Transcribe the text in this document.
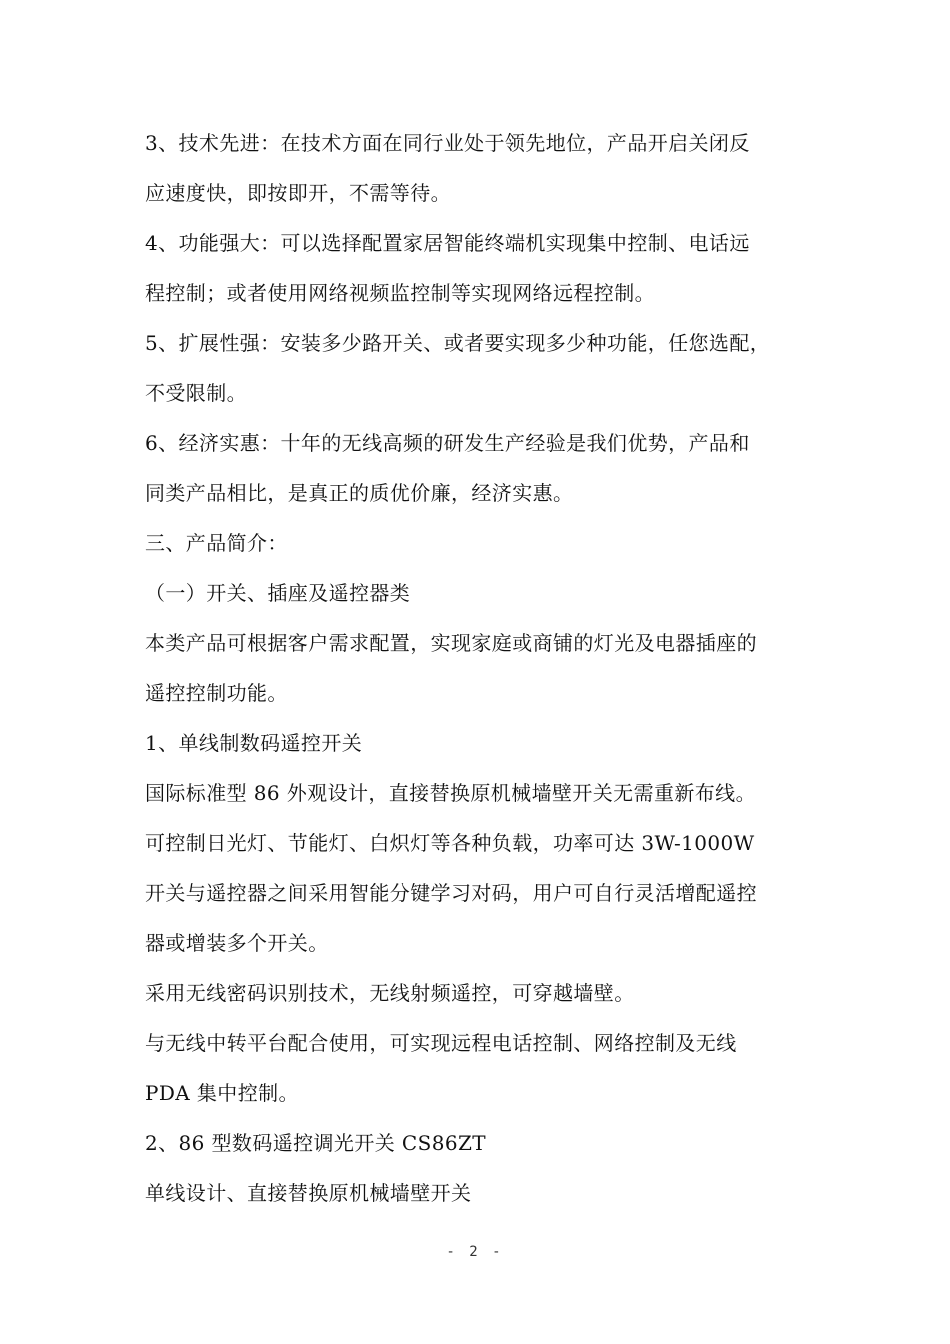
3、技术先进：在技术方面在同行业处于领先地位，产品开启关闭反

应速度快，即按即开，不需等待。

4、功能强大：可以选择配置家居智能终端机实现集中控制、电话远

程控制；或者使用网络视频监控制等实现网络远程控制。

5、扩展性强：安装多少路开关、或者要实现多少种功能，任您选配，

不受限制。

6、经济实惠：十年的无线高频的研发生产经验是我们优势，产品和

同类产品相比，是真正的质优价廉，经济实惠。

三、产品简介：

（一）开关、插座及遥控器类

本类产品可根据客户需求配置，实现家庭或商铺的灯光及电器插座的

遥控控制功能。

1、单线制数码遥控开关

国际标准型 86 外观设计，直接替换原机械墙壁开关无需重新布线。

可控制日光灯、节能灯、白炽灯等各种负载，功率可达 3W-1000W

开关与遥控器之间采用智能分键学习对码，用户可自行灵活增配遥控

器或增装多个开关。

采用无线密码识别技术，无线射频遥控，可穿越墙壁。

与无线中转平台配合使用，可实现远程电话控制、网络控制及无线

PDA 集中控制。

2、86 型数码遥控调光开关 CS86ZT

单线设计、直接替换原机械墙壁开关

- 2 -
